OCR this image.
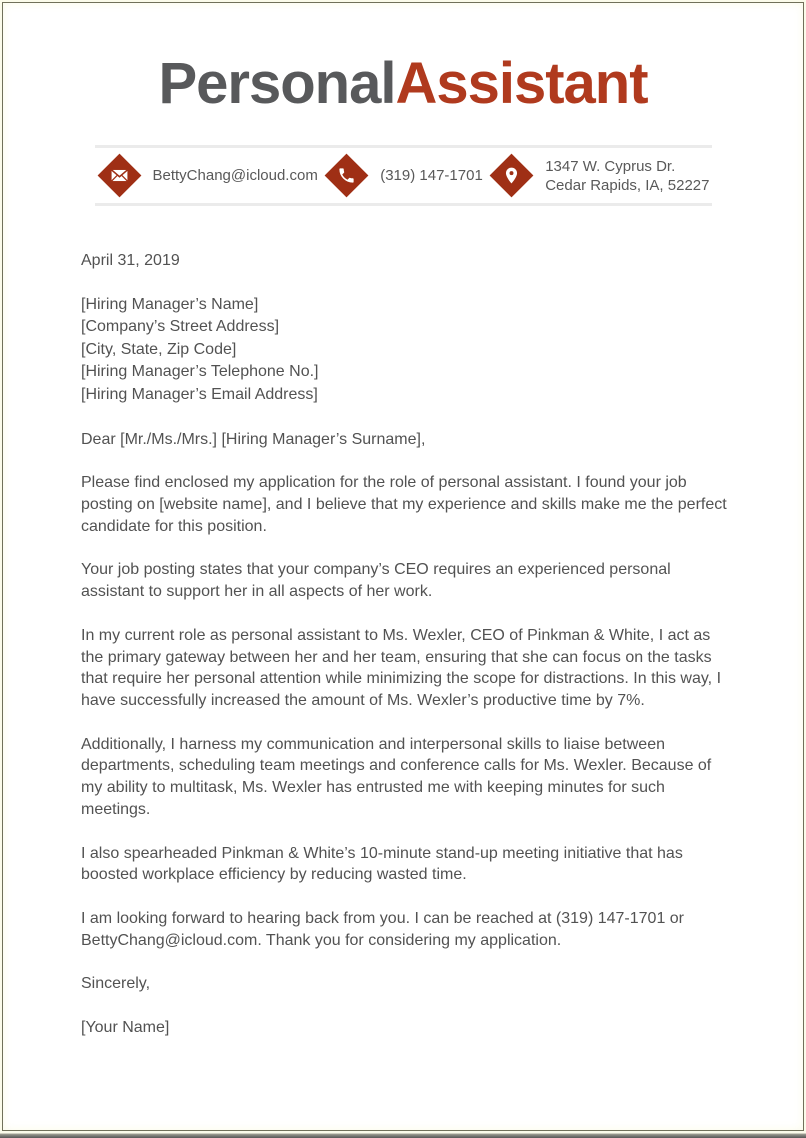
PersonalAssistant
BettyChang@icloud.com	(319) 147-1701
1347 W. Cyprus Dr.
Cedar Rapids, IA, 52227

April 31, 2019

[Hiring Manager’s Name]
[Company’s Street Address]
[City, State, Zip Code]
[Hiring Manager’s Telephone No.]
[Hiring Manager’s Email Address]

Dear [Mr./Ms./Mrs.] [Hiring Manager’s Surname],

Please find enclosed my application for the role of personal assistant. I found your job posting on [website name], and I believe that my experience and skills make me the perfect candidate for this position.

Your job posting states that your company’s CEO requires an experienced personal assistant to support her in all aspects of her work.

In my current role as personal assistant to Ms. Wexler, CEO of Pinkman & White, I act as the primary gateway between her and her team, ensuring that she can focus on the tasks that require her personal attention while minimizing the scope for distractions. In this way, I have successfully increased the amount of Ms. Wexler’s productive time by 7%.

Additionally, I harness my communication and interpersonal skills to liaise between departments, scheduling team meetings and conference calls for Ms. Wexler. Because of my ability to multitask, Ms. Wexler has entrusted me with keeping minutes for such meetings.

I also spearheaded Pinkman & White’s 10-minute stand-up meeting initiative that has boosted workplace efficiency by reducing wasted time.

I am looking forward to hearing back from you. I can be reached at (319) 147-1701 or BettyChang@icloud.com. Thank you for considering my application.

Sincerely,

[Your Name]
